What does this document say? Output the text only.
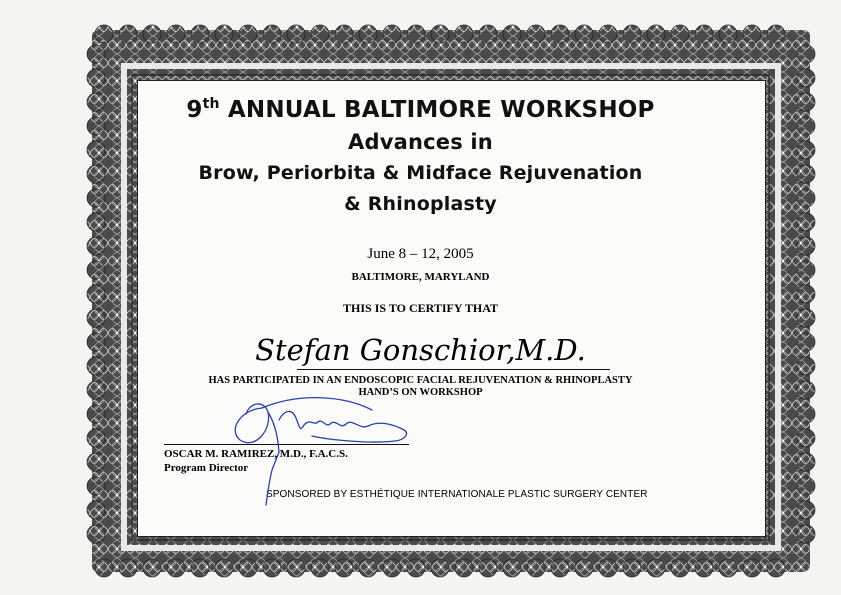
9th ANNUAL BALTIMORE WORKSHOP
Advances in
Brow, Periorbita & Midface Rejuvenation
& Rhinoplasty
June 8 – 12, 2005
BALTIMORE, MARYLAND
THIS IS TO CERTIFY THAT
Stefan Gonschior,M.D.
HAS PARTICIPATED IN AN ENDOSCOPIC FACIAL REJUVENATION & RHINOPLASTY
HAND’S ON WORKSHOP
OSCAR M. RAMIREZ, M.D., F.A.C.S.
Program Director
SPONSORED BY ESTHÉTIQUE INTERNATIONALE PLASTIC SURGERY CENTER
